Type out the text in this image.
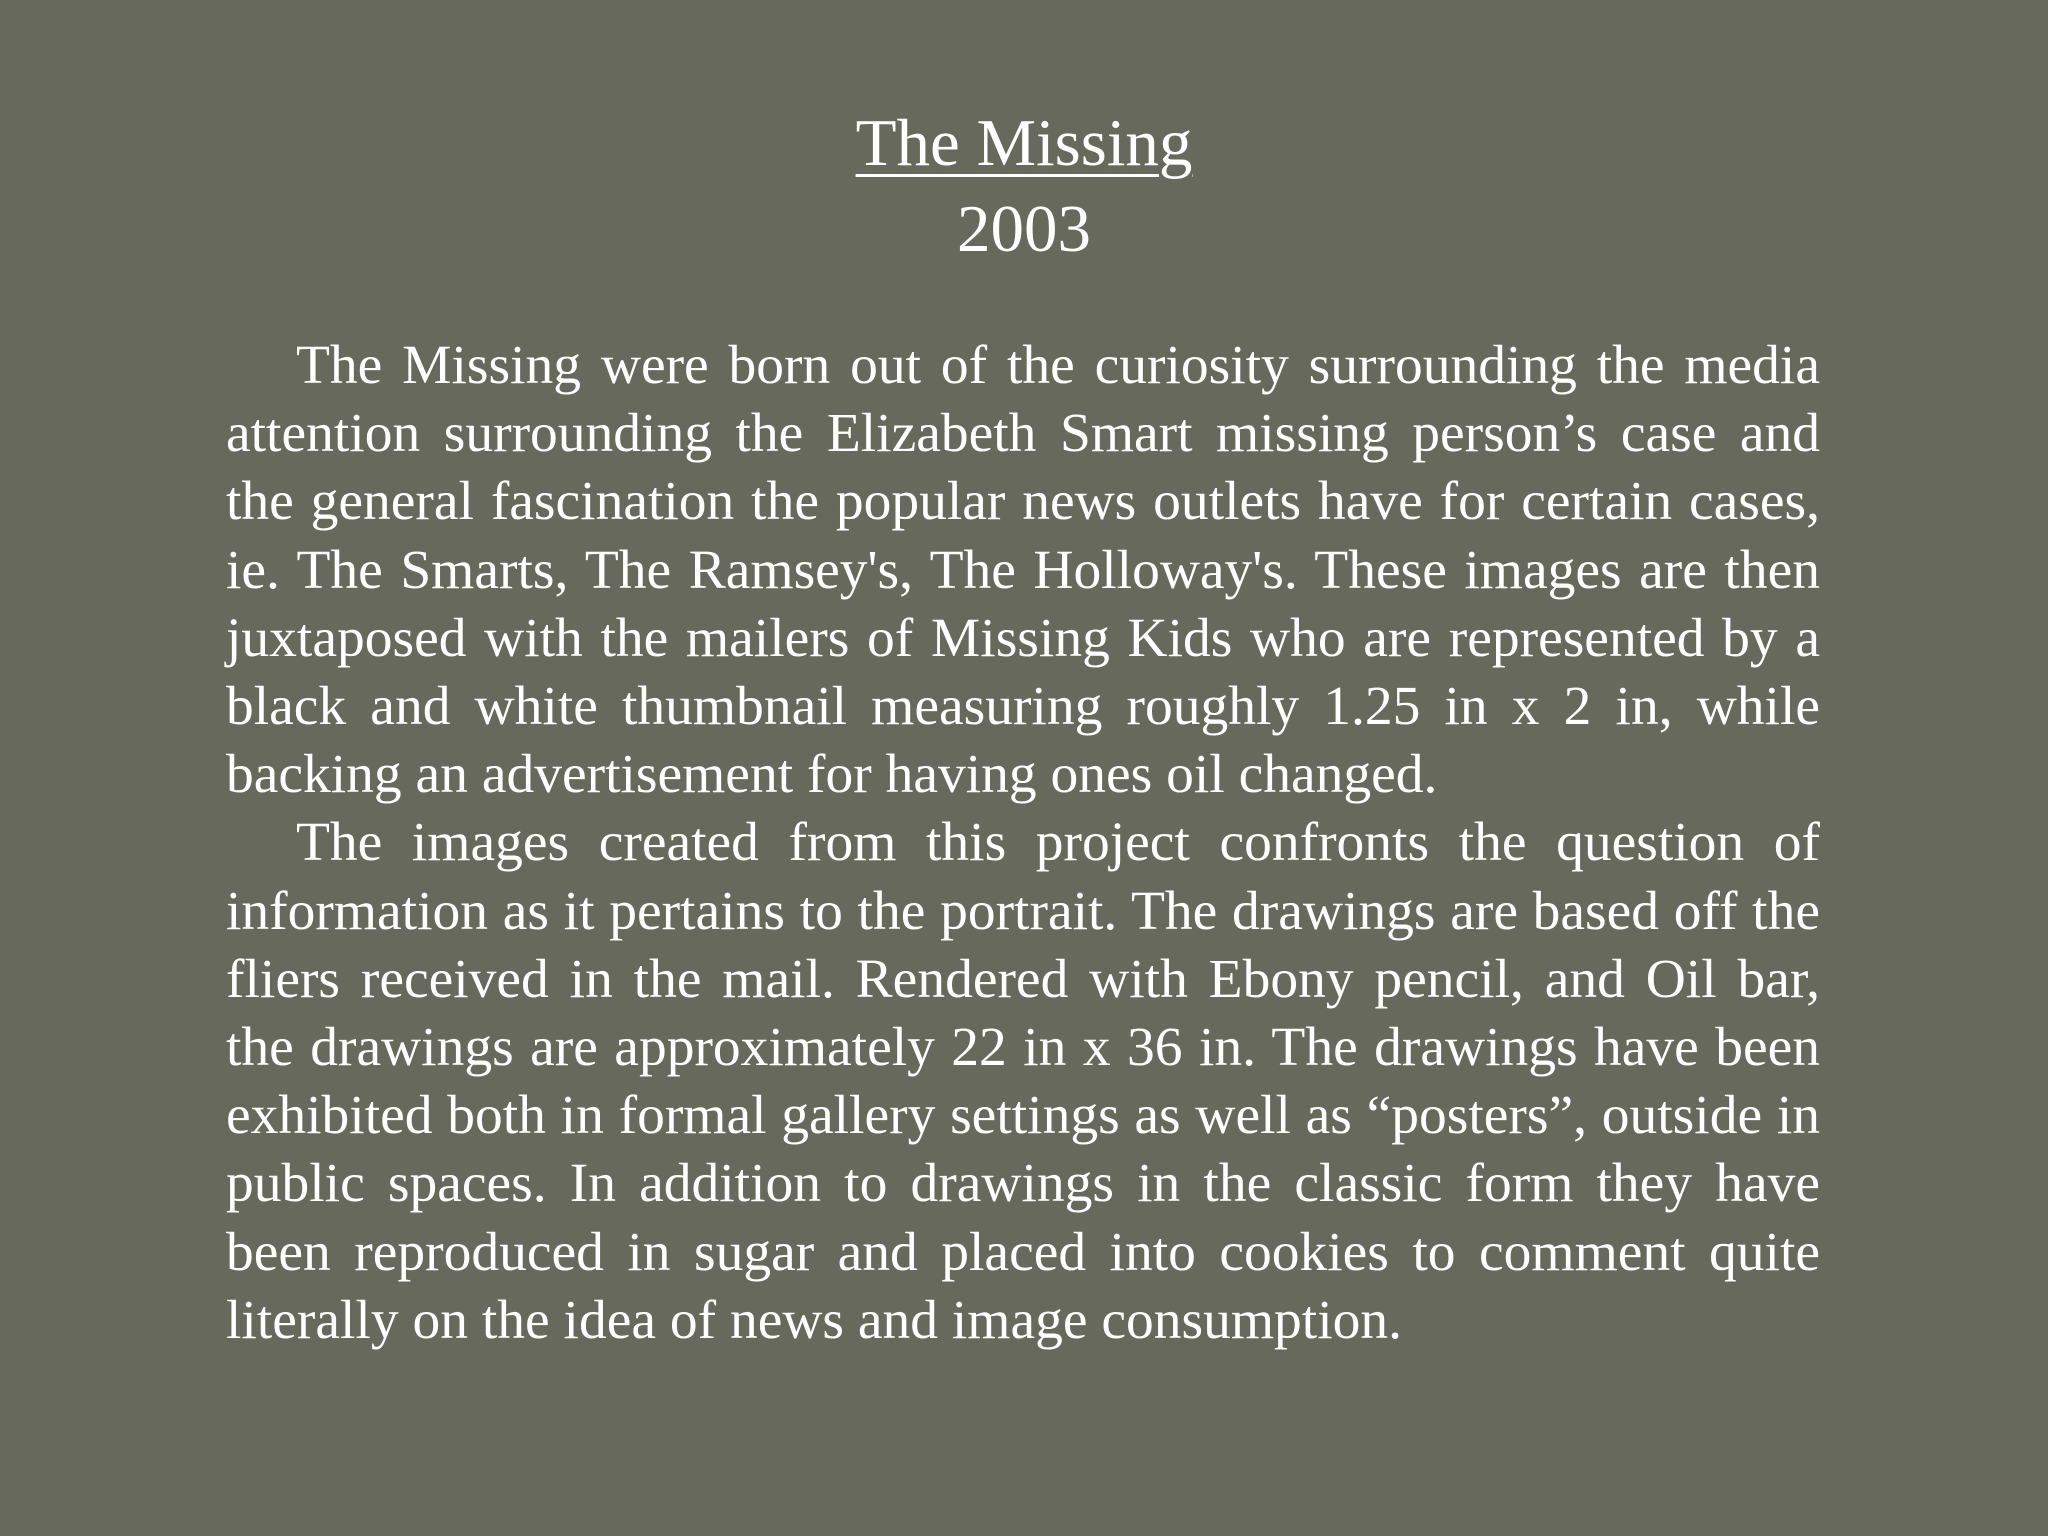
The Missing
2003

The Missing were born out of the curiosity surrounding the media attention surrounding the Elizabeth Smart missing person’s case and the general fascination the popular news outlets have for certain cases, ie. The Smarts, The Ramsey's, The Holloway's. These images are then juxtaposed with the mailers of Missing Kids who are represented by a black and white thumbnail measuring roughly 1.25 in x 2 in, while backing an advertisement for having ones oil changed.

The images created from this project confronts the question of information as it pertains to the portrait. The drawings are based off the fliers received in the mail. Rendered with Ebony pencil, and Oil bar, the drawings are approximately 22 in x 36 in. The drawings have been exhibited both in formal gallery settings as well as “posters”, outside in public spaces. In addition to drawings in the classic form they have been reproduced in sugar and placed into cookies to comment quite literally on the idea of news and image consumption.
